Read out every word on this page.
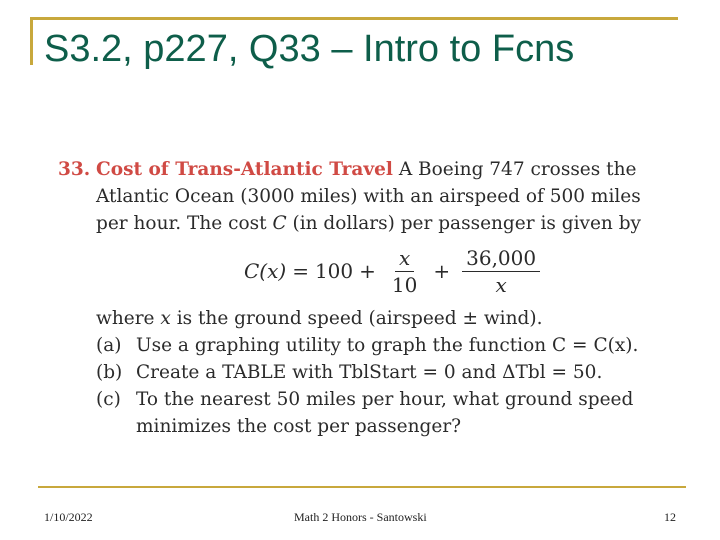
S3.2, p227, Q33 – Intro to Fcns
33. Cost of Trans-Atlantic Travel A Boeing 747 crosses the
Atlantic Ocean (3000 miles) with an airspeed of 500 miles
per hour. The cost C (in dollars) per passenger is given by
$C(x) = 100 + \frac{x}{10} + \frac{36,000}{x}$
where x is the ground speed (airspeed ± wind).
(a) Use a graphing utility to graph the function C = C(x).
(b) Create a TABLE with TblStart = 0 and ΔTbl = 50.
(c) To the nearest 50 miles per hour, what ground speed
minimizes the cost per passenger?
1/10/2022	Math 2 Honors - Santowski	12
